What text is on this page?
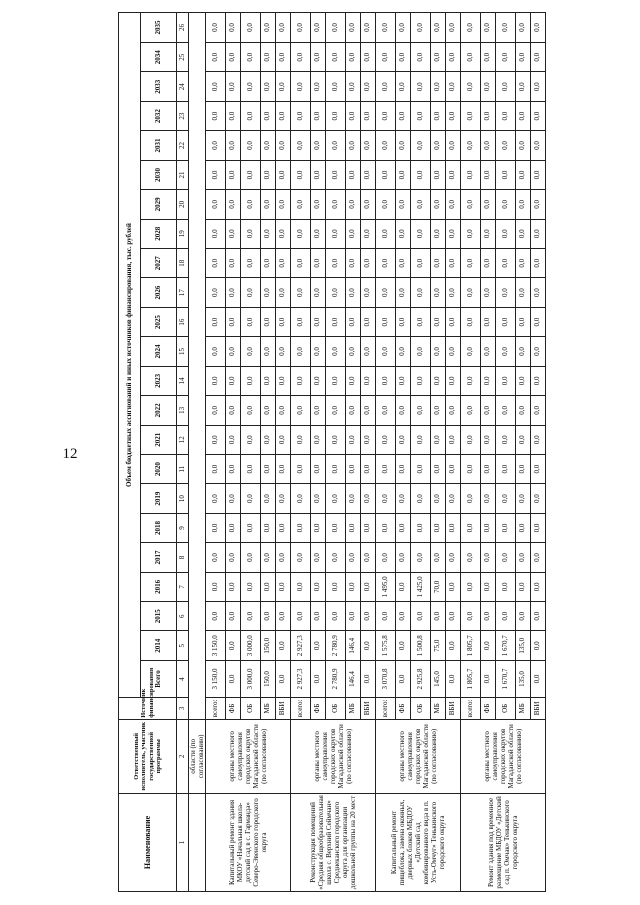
12
Наименование	Ответственный исполнитель, участник государственной программы	Источник финансирования	Объем бюджетных ассигнований и иных источников финансирования, тыс. рублей																						
			Всего	2014	2015	2016	2017	2018	2019	2020	2021	2022	2023	2024	2025	2026	2027	2028	2029	2030	2031	2032	2033	2034	2035
1	2	3	4	5	6	7	8	9	10	11	12	13	14	15	16	17	18	19	20	21	22	23	24	25	26
	области (по согласованию)																								
Капитальный ремонт здания МКОУ «Начальная школа-детский сад в с. Гарманда» Северо-Эвенского городского округа	органы местного самоуправления городских округов Магаданской области (по согласованию)	всего:	3 150,0	3 150,0	0,0	0,0	0,0	0,0	0,0	0,0	0,0	0,0	0,0	0,0	0,0	0,0	0,0	0,0	0,0	0,0	0,0	0,0	0,0	0,0	0,0
		ФБ	0,0	0,0	0,0	0,0	0,0	0,0	0,0	0,0	0,0	0,0	0,0	0,0	0,0	0,0	0,0	0,0	0,0	0,0	0,0	0,0	0,0	0,0	0,0
		ОБ	3 000,0	3 000,0	0,0	0,0	0,0	0,0	0,0	0,0	0,0	0,0	0,0	0,0	0,0	0,0	0,0	0,0	0,0	0,0	0,0	0,0	0,0	0,0	0,0
		МБ	150,0	150,0	0,0	0,0	0,0	0,0	0,0	0,0	0,0	0,0	0,0	0,0	0,0	0,0	0,0	0,0	0,0	0,0	0,0	0,0	0,0	0,0	0,0
		ВБИ	0,0	0,0	0,0	0,0	0,0	0,0	0,0	0,0	0,0	0,0	0,0	0,0	0,0	0,0	0,0	0,0	0,0	0,0	0,0	0,0	0,0	0,0	0,0
Реконструкция помещений «Средняя общеобразовательная школа с. Верхний Сеймчан» Среднеканского городского округа для организации дошкольной группы на 20 мест	органы местного самоуправления городских округов Магаданской области (по согласованию)	всего:	2 927,3	2 927,3	0,0	0,0	0,0	0,0	0,0	0,0	0,0	0,0	0,0	0,0	0,0	0,0	0,0	0,0	0,0	0,0	0,0	0,0	0,0	0,0	0,0
		ФБ	0,0	0,0	0,0	0,0	0,0	0,0	0,0	0,0	0,0	0,0	0,0	0,0	0,0	0,0	0,0	0,0	0,0	0,0	0,0	0,0	0,0	0,0	0,0
		ОБ	2 780,9	2 780,9	0,0	0,0	0,0	0,0	0,0	0,0	0,0	0,0	0,0	0,0	0,0	0,0	0,0	0,0	0,0	0,0	0,0	0,0	0,0	0,0	0,0
		МБ	146,4	146,4	0,0	0,0	0,0	0,0	0,0	0,0	0,0	0,0	0,0	0,0	0,0	0,0	0,0	0,0	0,0	0,0	0,0	0,0	0,0	0,0	0,0
		ВБИ	0,0	0,0	0,0	0,0	0,0	0,0	0,0	0,0	0,0	0,0	0,0	0,0	0,0	0,0	0,0	0,0	0,0	0,0	0,0	0,0	0,0	0,0	0,0
Капитальный ремонт пищеблока, замена оконных, дверных блоков МБДОУ «Детский сад комбинированного вида в п. Усть-Омчуг» Тенькинского городского округа	органы местного самоуправления городских округов Магаданской области (по согласованию)	всего:	3 070,8	1 575,8	0,0	1 495,0	0,0	0,0	0,0	0,0	0,0	0,0	0,0	0,0	0,0	0,0	0,0	0,0	0,0	0,0	0,0	0,0	0,0	0,0	0,0
		ФБ	0,0	0,0	0,0	0,0	0,0	0,0	0,0	0,0	0,0	0,0	0,0	0,0	0,0	0,0	0,0	0,0	0,0	0,0	0,0	0,0	0,0	0,0	0,0
		ОБ	2 925,8	1 500,8	0,0	1 425,0	0,0	0,0	0,0	0,0	0,0	0,0	0,0	0,0	0,0	0,0	0,0	0,0	0,0	0,0	0,0	0,0	0,0	0,0	0,0
		МБ	145,0	75,0	0,0	70,0	0,0	0,0	0,0	0,0	0,0	0,0	0,0	0,0	0,0	0,0	0,0	0,0	0,0	0,0	0,0	0,0	0,0	0,0	0,0
		ВБИ	0,0	0,0	0,0	0,0	0,0	0,0	0,0	0,0	0,0	0,0	0,0	0,0	0,0	0,0	0,0	0,0	0,0	0,0	0,0	0,0	0,0	0,0	0,0
Ремонт здания под временное размещение МБДОУ «Детский сад п. Омчак» Тенькинского городского округа	органы местного самоуправления городских округов Магаданской области (по согласованию)	всего:	1 805,7	1 805,7	0,0	0,0	0,0	0,0	0,0	0,0	0,0	0,0	0,0	0,0	0,0	0,0	0,0	0,0	0,0	0,0	0,0	0,0	0,0	0,0	0,0
		ФБ	0,0	0,0	0,0	0,0	0,0	0,0	0,0	0,0	0,0	0,0	0,0	0,0	0,0	0,0	0,0	0,0	0,0	0,0	0,0	0,0	0,0	0,0	0,0
		ОБ	1 670,7	1 670,7	0,0	0,0	0,0	0,0	0,0	0,0	0,0	0,0	0,0	0,0	0,0	0,0	0,0	0,0	0,0	0,0	0,0	0,0	0,0	0,0	0,0
		МБ	135,0	135,0	0,0	0,0	0,0	0,0	0,0	0,0	0,0	0,0	0,0	0,0	0,0	0,0	0,0	0,0	0,0	0,0	0,0	0,0	0,0	0,0	0,0
		ВБИ	0,0	0,0	0,0	0,0	0,0	0,0	0,0	0,0	0,0	0,0	0,0	0,0	0,0	0,0	0,0	0,0	0,0	0,0	0,0	0,0	0,0	0,0	0,0
